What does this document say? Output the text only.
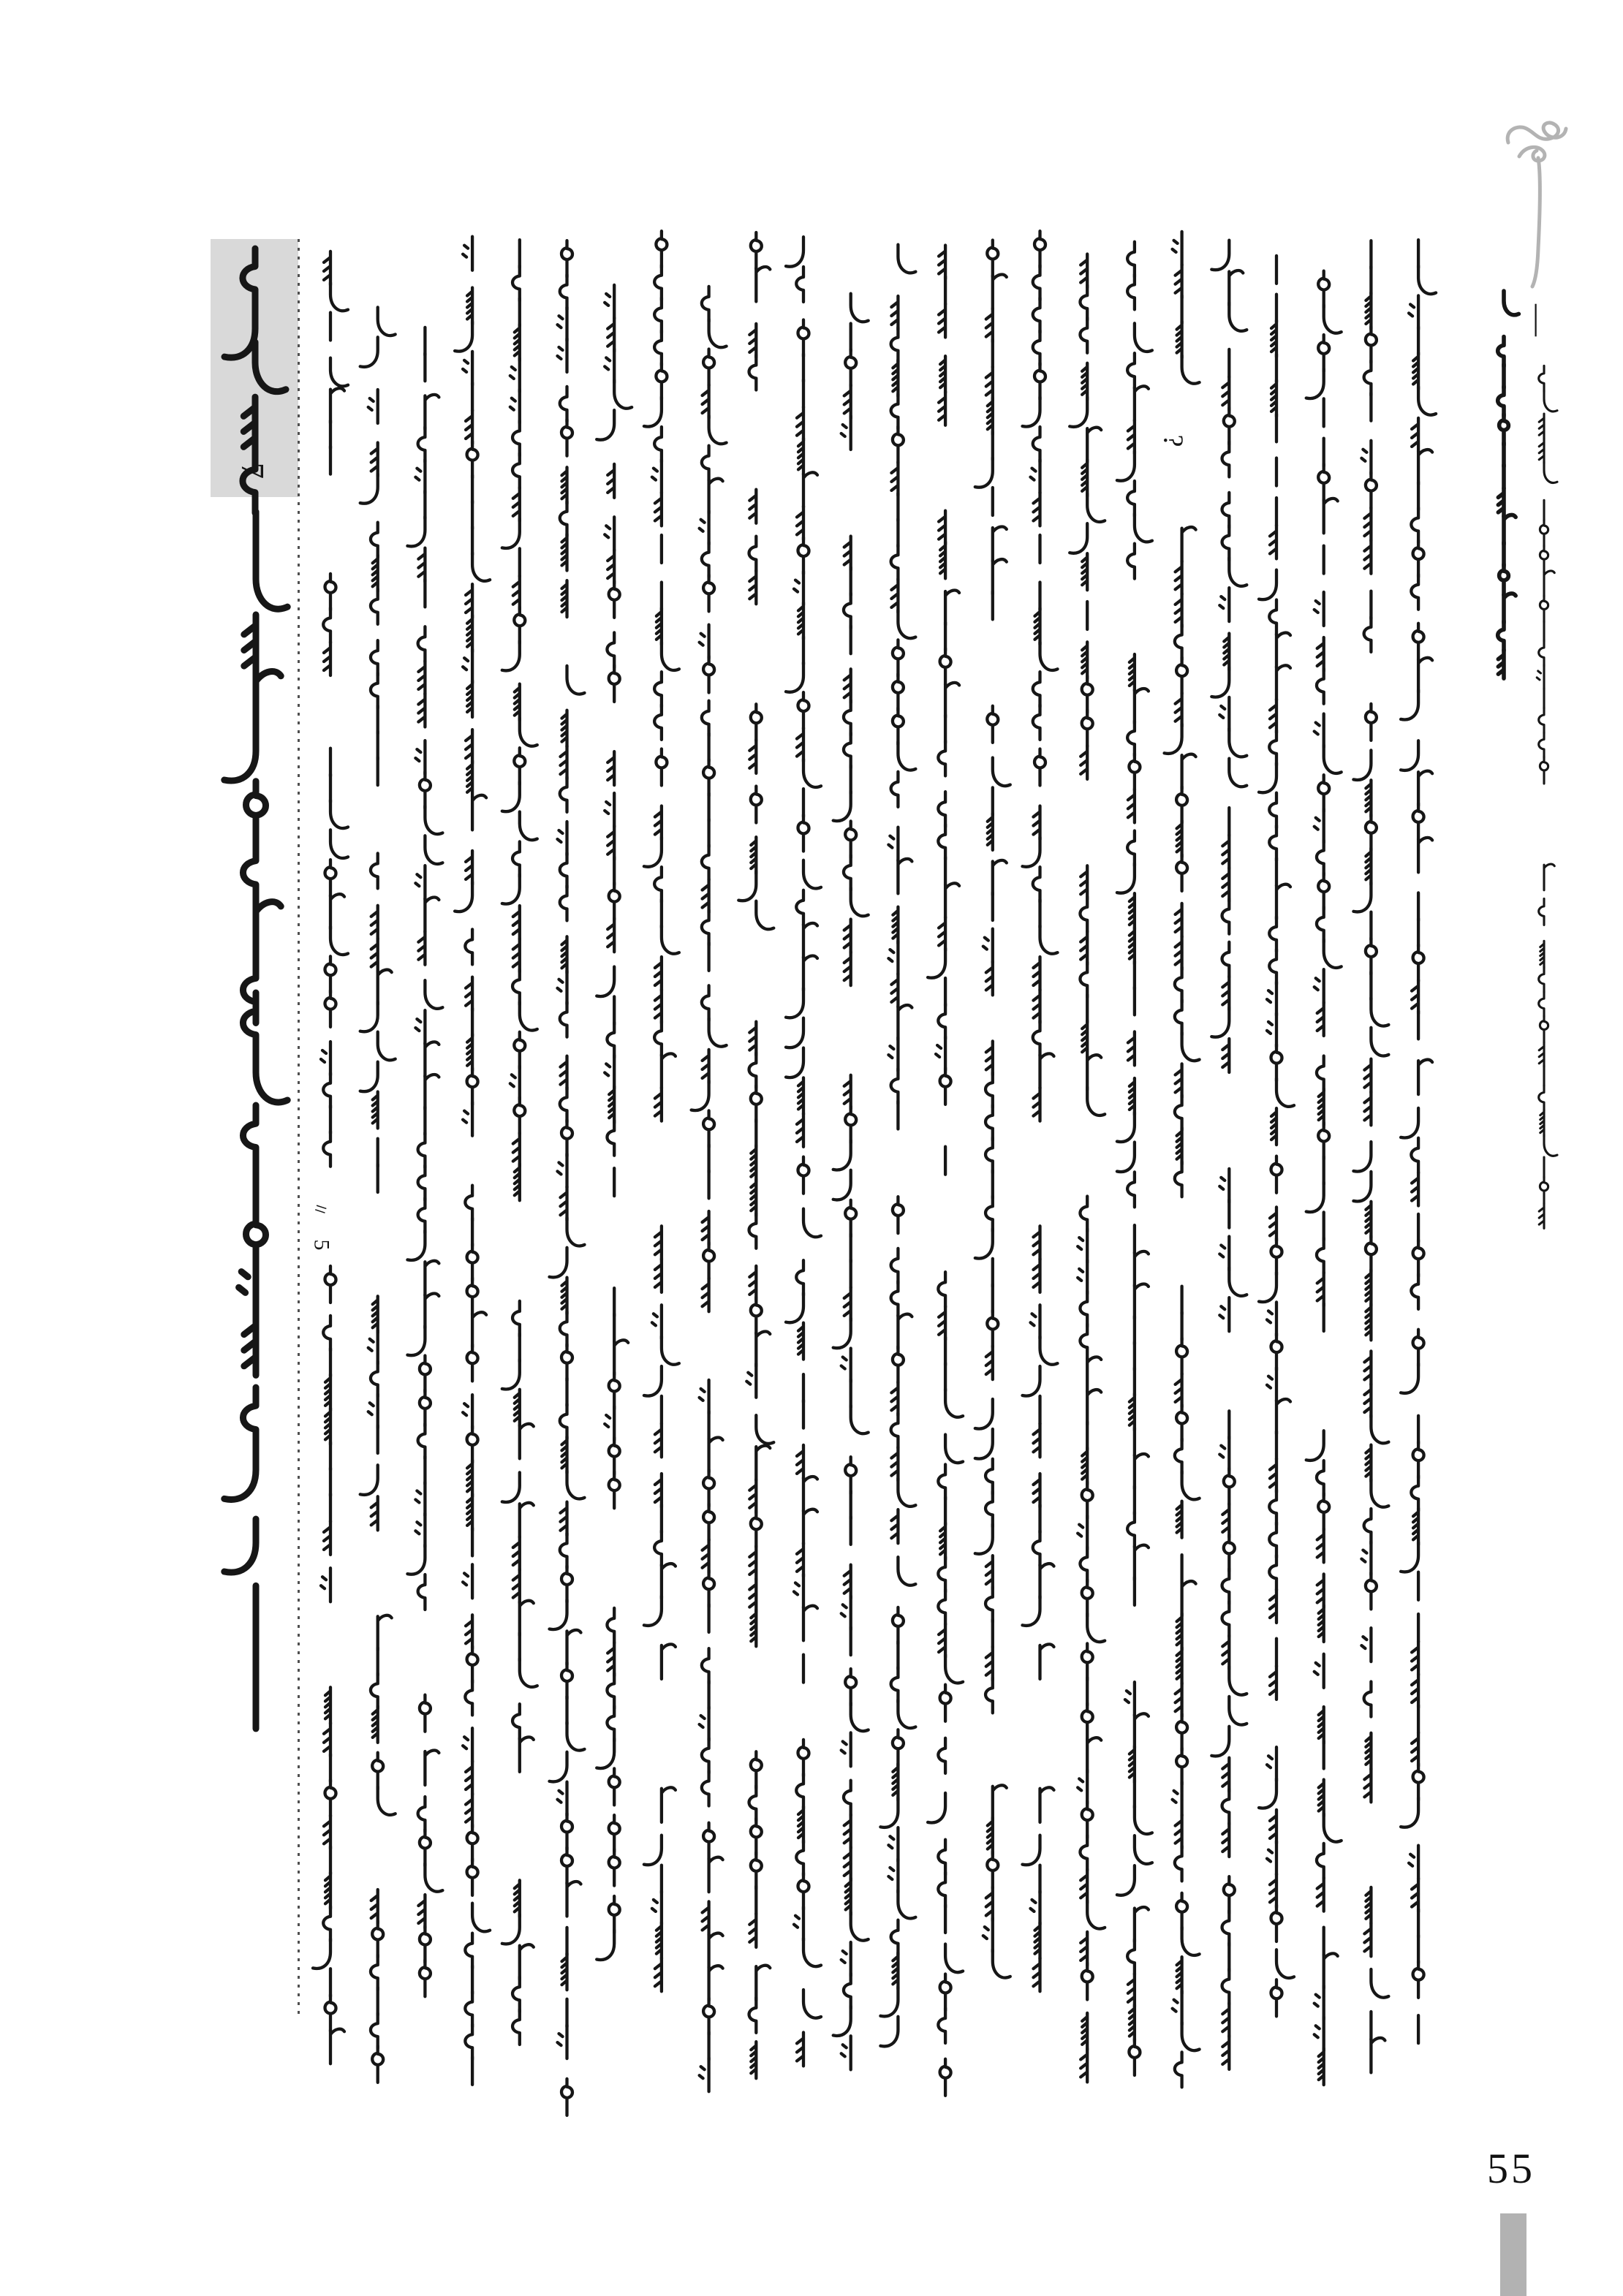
7
=
5
?
—
55
